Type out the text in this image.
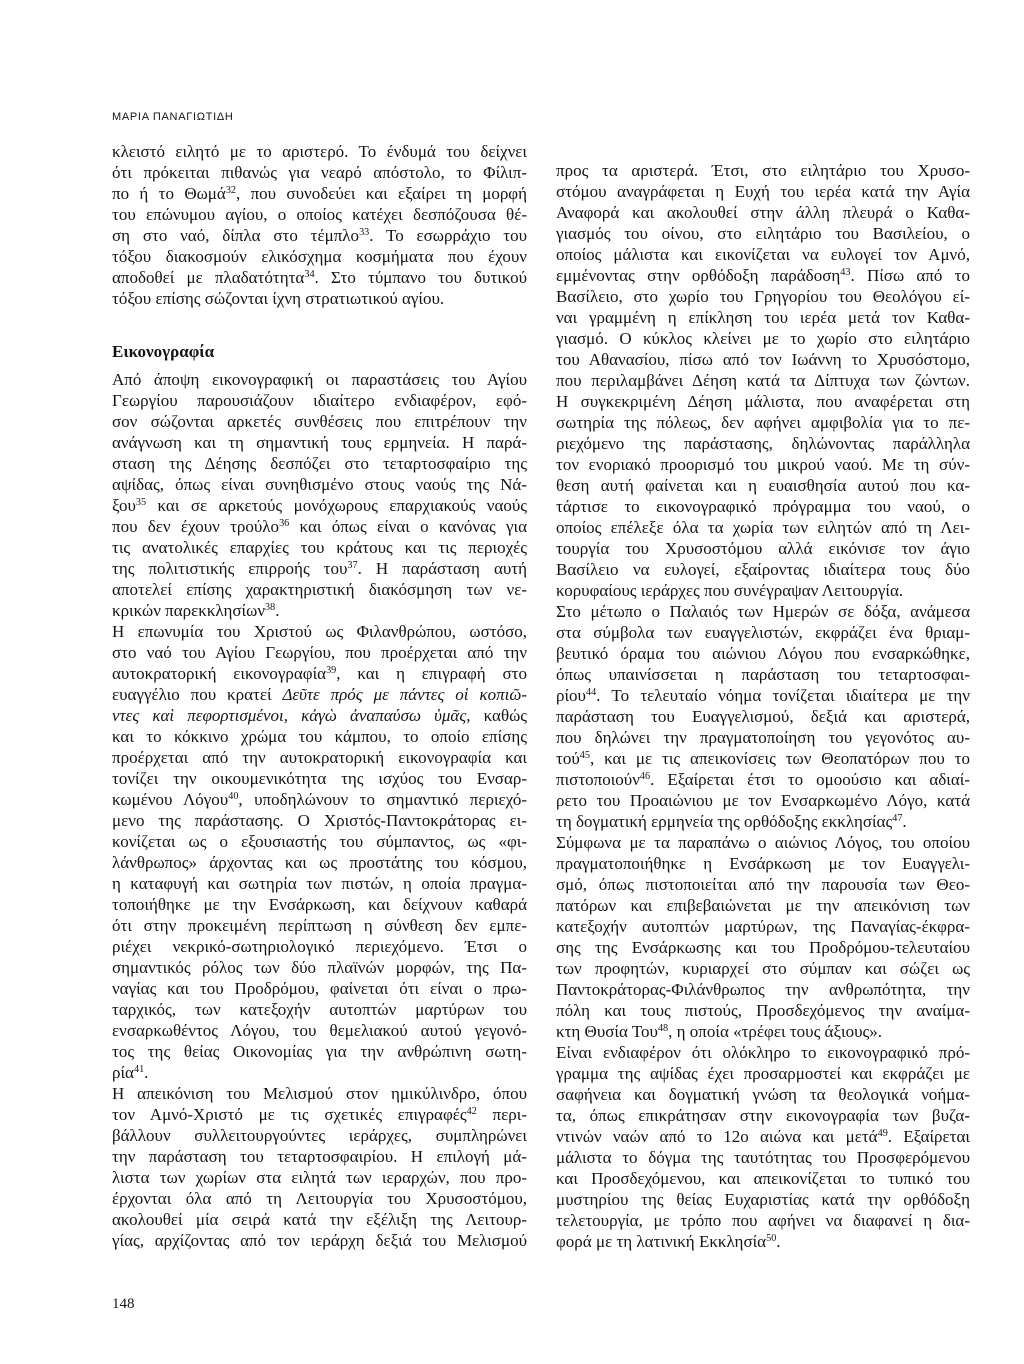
ΜΑΡΙΑ ΠΑΝΑΓΙΩΤΙΔΗ
κλειστό ειλητό με το αριστερό. Το ένδυμά του δείχνει
ότι πρόκειται πιθανώς για νεαρό απόστολο, το Φίλιπ-
πο ή το Θωμά$^{32}$, που συνοδεύει και εξαίρει τη μορφή
του επώνυμου αγίου, ο οποίος κατέχει δεσπόζουσα θέ-
ση στο ναό, δίπλα στο τέμπλο$^{33}$. Το εσωρράχιο του
τόξου διακοσμούν ελικόσχημα κοσμήματα που έχουν
αποδοθεί με πλαδατότητα$^{34}$. Στο τύμπανο του δυτικού
τόξου επίσης σώζονται ίχνη στρατιωτικού αγίου.
Εικονογραφία
Από άποψη εικονογραφική οι παραστάσεις του Αγίου
Γεωργίου παρουσιάζουν ιδιαίτερο ενδιαφέρον, εφό-
σον σώζονται αρκετές συνθέσεις που επιτρέπουν την
ανάγνωση και τη σημαντική τους ερμηνεία. Η παρά-
σταση της Δέησης δεσπόζει στο τεταρτοσφαίριο της
αψίδας, όπως είναι συνηθισμένο στους ναούς της Νά-
ξου$^{35}$ και σε αρκετούς μονόχωρους επαρχιακούς ναούς
που δεν έχουν τρούλο$^{36}$ και όπως είναι ο κανόνας για
τις ανατολικές επαρχίες του κράτους και τις περιοχές
της πολιτιστικής επιρροής του$^{37}$. Η παράσταση αυτή
αποτελεί επίσης χαρακτηριστική διακόσμηση των νε-
κρικών παρεκκλησίων$^{38}$.
Η επωνυμία του Χριστού ως Φιλανθρώπου, ωστόσο,
στο ναό του Αγίου Γεωργίου, που προέρχεται από την
αυτοκρατορική εικονογραφία$^{39}$, και η επιγραφή στο
ευαγγέλιο που κρατεί Δεῦτε πρός με πάντες οἱ κοπιῶ-
ντες καὶ πεφορτισμένοι, κἀγὼ ἀναπαύσω ὑμᾶς, καθώς
και το κόκκινο χρώμα του κάμπου, το οποίο επίσης
προέρχεται από την αυτοκρατορική εικονογραφία και
τονίζει την οικουμενικότητα της ισχύος του Ενσαρ-
κωμένου Λόγου$^{40}$, υποδηλώνουν το σημαντικό περιεχό-
μενο της παράστασης. Ο Χριστός-Παντοκράτορας ει-
κονίζεται ως ο εξουσιαστής του σύμπαντος, ως «φι-
λάνθρωπος» άρχοντας και ως προστάτης του κόσμου,
η καταφυγή και σωτηρία των πιστών, η οποία πραγμα-
τοποιήθηκε με την Ενσάρκωση, και δείχνουν καθαρά
ότι στην προκειμένη περίπτωση η σύνθεση δεν εμπε-
ριέχει νεκρικό-σωτηριολογικό περιεχόμενο. Έτσι ο
σημαντικός ρόλος των δύο πλαϊνών μορφών, της Πα-
ναγίας και του Προδρόμου, φαίνεται ότι είναι ο πρω-
ταρχικός, των κατεξοχήν αυτοπτών μαρτύρων του
ενσαρκωθέντος Λόγου, του θεμελιακού αυτού γεγονό-
τος της θείας Οικονομίας για την ανθρώπινη σωτη-
ρία$^{41}$.
Η απεικόνιση του Μελισμού στον ημικύλινδρο, όπου
τον Αμνό-Χριστό με τις σχετικές επιγραφές$^{42}$ περι-
βάλλουν συλλειτουργούντες ιεράρχες, συμπληρώνει
την παράσταση του τεταρτοσφαιρίου. Η επιλογή μά-
λιστα των χωρίων στα ειλητά των ιεραρχών, που προ-
έρχονται όλα από τη Λειτουργία του Χρυσοστόμου,
ακολουθεί μία σειρά κατά την εξέλιξη της Λειτουρ-
γίας, αρχίζοντας από τον ιεράρχη δεξιά του Μελισμού
προς τα αριστερά. Έτσι, στο ειλητάριο του Χρυσο-
στόμου αναγράφεται η Ευχή του ιερέα κατά την Αγία
Αναφορά και ακολουθεί στην άλλη πλευρά ο Καθα-
γιασμός του οίνου, στο ειλητάριο του Βασιλείου, ο
οποίος μάλιστα και εικονίζεται να ευλογεί τον Αμνό,
εμμένοντας στην ορθόδοξη παράδοση$^{43}$. Πίσω από το
Βασίλειο, στο χωρίο του Γρηγορίου του Θεολόγου εί-
ναι γραμμένη η επίκληση του ιερέα μετά τον Καθα-
γιασμό. Ο κύκλος κλείνει με το χωρίο στο ειλητάριο
του Αθανασίου, πίσω από τον Ιωάννη το Χρυσόστομο,
που περιλαμβάνει Δέηση κατά τα Δίπτυχα των ζώντων.
Η συγκεκριμένη Δέηση μάλιστα, που αναφέρεται στη
σωτηρία της πόλεως, δεν αφήνει αμφιβολία για το πε-
ριεχόμενο της παράστασης, δηλώνοντας παράλληλα
τον ενοριακό προορισμό του μικρού ναού. Με τη σύν-
θεση αυτή φαίνεται και η ευαισθησία αυτού που κα-
τάρτισε το εικονογραφικό πρόγραμμα του ναού, ο
οποίος επέλεξε όλα τα χωρία των ειλητών από τη Λει-
τουργία του Χρυσοστόμου αλλά εικόνισε τον άγιο
Βασίλειο να ευλογεί, εξαίροντας ιδιαίτερα τους δύο
κορυφαίους ιεράρχες που συνέγραψαν Λειτουργία.
Στο μέτωπο ο Παλαιός των Ημερών σε δόξα, ανάμεσα
στα σύμβολα των ευαγγελιστών, εκφράζει ένα θριαμ-
βευτικό όραμα του αιώνιου Λόγου που ενσαρκώθηκε,
όπως υπαινίσσεται η παράσταση του τεταρτοσφαι-
ρίου$^{44}$. Το τελευταίο νόημα τονίζεται ιδιαίτερα με την
παράσταση του Ευαγγελισμού, δεξιά και αριστερά,
που δηλώνει την πραγματοποίηση του γεγονότος αυ-
τού$^{45}$, και με τις απεικονίσεις των Θεοπατόρων που το
πιστοποιούν$^{46}$. Εξαίρεται έτσι το ομοούσιο και αδιαί-
ρετο του Προαιώνιου με τον Ενσαρκωμένο Λόγο, κατά
τη δογματική ερμηνεία της ορθόδοξης εκκλησίας$^{47}$.
Σύμφωνα με τα παραπάνω ο αιώνιος Λόγος, του οποίου
πραγματοποιήθηκε η Ενσάρκωση με τον Ευαγγελι-
σμό, όπως πιστοποιείται από την παρουσία των Θεο-
πατόρων και επιβεβαιώνεται με την απεικόνιση των
κατεξοχήν αυτοπτών μαρτύρων, της Παναγίας-έκφρα-
σης της Ενσάρκωσης και του Προδρόμου-τελευταίου
των προφητών, κυριαρχεί στο σύμπαν και σώζει ως
Παντοκράτορας-Φιλάνθρωπος την ανθρωπότητα, την
πόλη και τους πιστούς, Προσδεχόμενος την αναίμα-
κτη Θυσία Του$^{48}$, η οποία «τρέφει τους άξιους».
Είναι ενδιαφέρον ότι ολόκληρο το εικονογραφικό πρό-
γραμμα της αψίδας έχει προσαρμοστεί και εκφράζει με
σαφήνεια και δογματική γνώση τα θεολογικά νοήμα-
τα, όπως επικράτησαν στην εικονογραφία των βυζα-
ντινών ναών από το 12ο αιώνα και μετά$^{49}$. Εξαίρεται
μάλιστα το δόγμα της ταυτότητας του Προσφερόμενου
και Προσδεχόμενου, και απεικονίζεται το τυπικό του
μυστηρίου της θείας Ευχαριστίας κατά την ορθόδοξη
τελετουργία, με τρόπο που αφήνει να διαφανεί η δια-
φορά με τη λατινική Εκκλησία$^{50}$.
148
